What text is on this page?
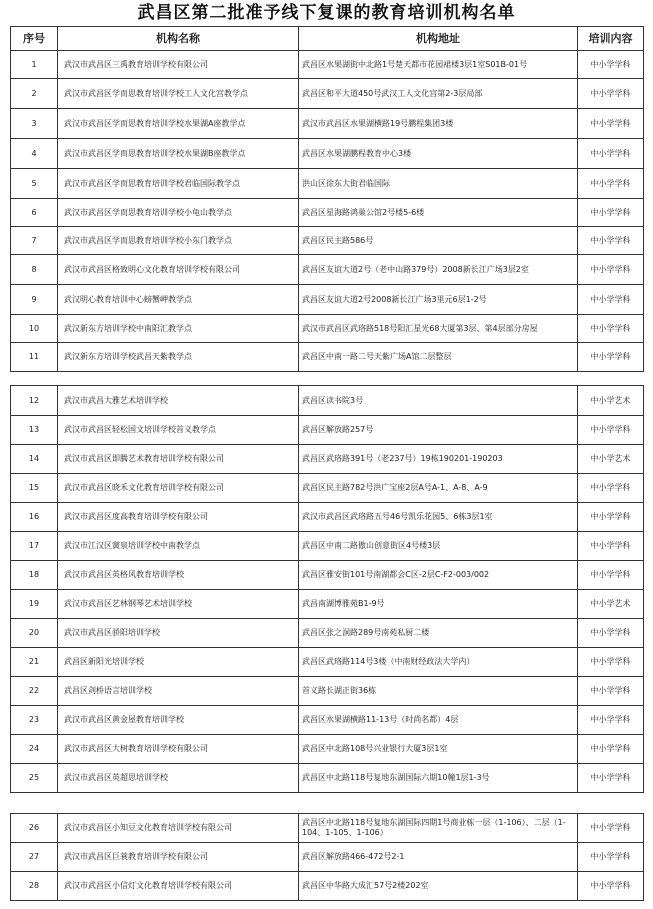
武昌区第二批准予线下复课的教育培训机构名单
序号	机构名称	机构地址	培训内容
1	武汉市武昌区三禹教育培训学校有限公司	武昌区水果湖街中北路1号楚天都市花园裙楼3层1室S01B-01号	中小学学科
2	武汉市武昌区学而思教育培训学校工人文化宫教学点	武昌区和平大道450号武汉工人文化宫第2-3层局部	中小学学科
3	武汉市武昌区学而思教育培训学校水果湖A座教学点	武汉市武昌区水果湖横路19号鹏程集团3楼	中小学学科
4	武汉市武昌区学而思教育培训学校水果湖B座教学点	武昌区水果湖鹏程教育中心3楼	中小学学科
5	武汉市武昌区学而思教育培训学校君临国际教学点	洪山区徐东大街君临国际	中小学学科
6	武汉市武昌区学而思教育培训学校小龟山教学点	武昌区星海路鸿巢公馆2号楼5-6楼	中小学学科
7	武汉市武昌区学而思教育培训学校小东门教学点	武昌区民主路586号	中小学学科
8	武汉市武昌区格致明心文化教育培训学校有限公司	武昌区友谊大道2号（老中山路379号）2008新长江广场3层2室	中小学学科
9	武汉明心教育培训中心螃蟹岬教学点	武昌区友谊大道2号2008新长江广场3里元6层1-2号	中小学学科
10	武汉新东方培训学校中南阳汇教学点	武汉市武昌区武珞路518号阳汇星光68大厦第3层、第4层部分房屋	中小学学科
11	武汉新东方培训学校武昌天紫教学点	武昌区中南一路二号天紫广场A馆二层整层	中小学学科
12	武汉市武昌大雅艺术培训学校	武昌区读书院3号	中小学艺术
13	武汉市武昌区轻松国文培训学校首义教学点	武昌区解放路257号	中小学学科
14	武汉市武昌区即腾艺术教育培训学校有限公司	武昌区武珞路391号（老237号）19栋190201-190203	中小学艺术
15	武汉市武昌区晓禾文化教育培训学校有限公司	武昌区民主路782号洪广宝座2层A号A-1、A-8、A-9	中小学学科
16	武汉市武昌区度高教育培训学校有限公司	武汉市武昌区武珞路五号46号凯乐花园5、6栋3层1室	中小学学科
17	武汉市江汉区黉泉培训学校中南教学点	武昌区中南二路傲山创意街区4号楼3层	中小学学科
18	武汉市武昌区英格风教育培训学校	武昌区雅安街101号南湖都会C区-2层C-F2-003/002	中小学学科
19	武汉市武昌区艺林钢琴艺术培训学校	武昌南湖博雅苑B1-9号	中小学艺术
20	武汉市武昌区骄阳培训学校	武昌区张之洞路289号南苑私厨二楼	中小学学科
21	武昌区新阳光培训学校	武昌区武珞路114号3楼（中南财经政法大学内）	中小学学科
22	武昌区剑桥语言培训学校	首义路长湖正街36栋	中小学学科
23	武汉市武昌区黄金屋教育培训学校	武昌区水果湖横路11-13号（时尚名都）4层	中小学学科
24	武汉市武昌区大树教育培训学校有限公司	武昌区中北路108号兴业银行大厦3层1室	中小学学科
25	武汉市武昌区英超思培训学校	武昌区中北路118号复地东湖国际六期10幢1层1-3号	中小学学科
26	武汉市武昌区小知豆文化教育培训学校有限公司	武昌区中北路118号复地东湖国际四期1号商业栋一层（1-106）、二层（1-104、1-105、1-106）	中小学学科
27	武汉市武昌区巨蓑教育培训学校有限公司	武昌区解放路466-472号2-1	中小学学科
28	武汉市武昌区小信灯文化教育培训学校有限公司	武昌区中华路大成汇57号2楼202室	中小学学科
